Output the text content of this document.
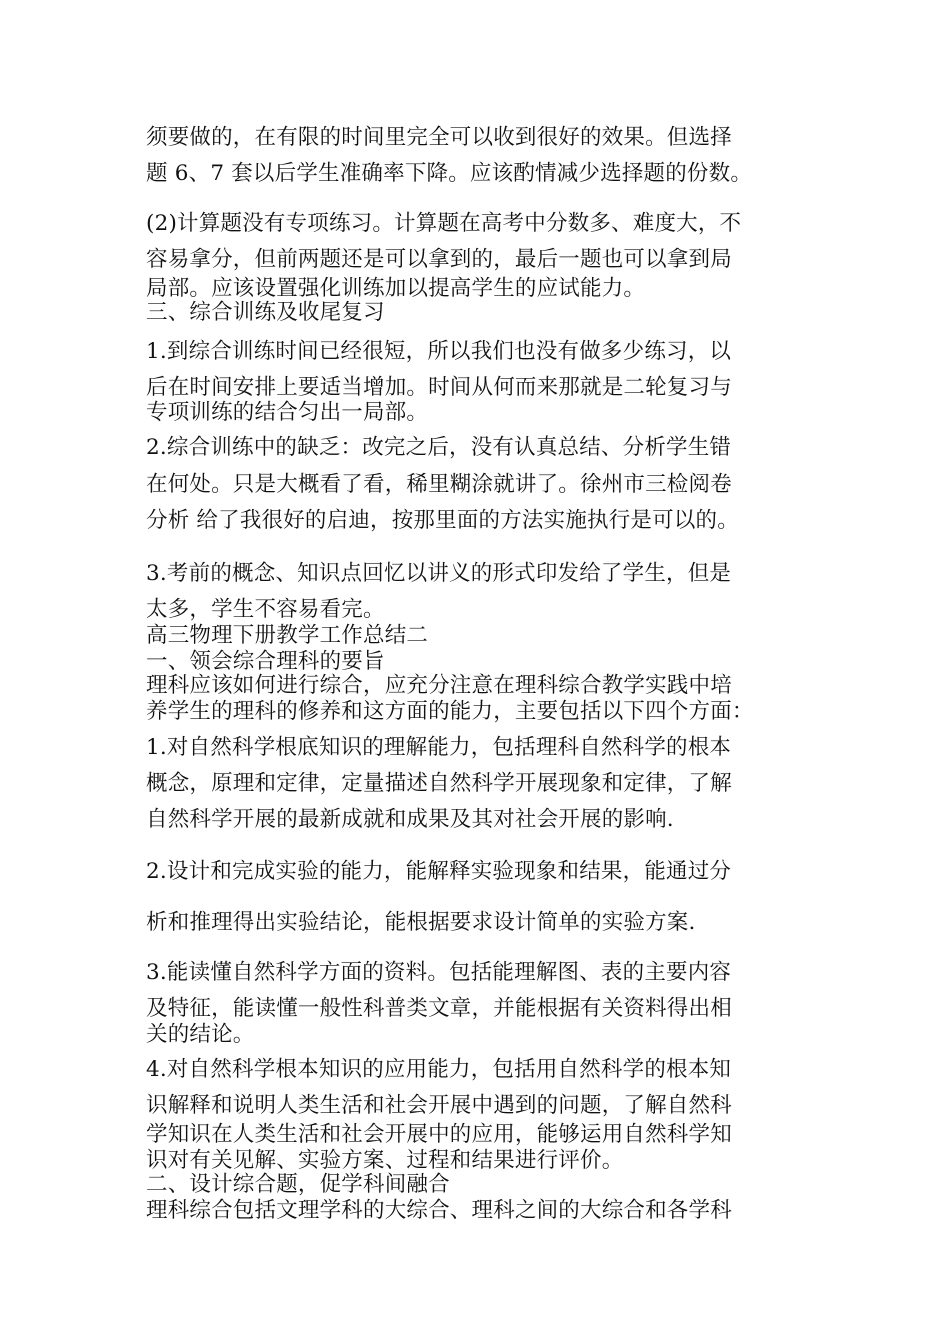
须要做的，在有限的时间里完全可以收到很好的效果。但选择
题 6、7 套以后学生准确率下降。应该酌情减少选择题的份数。
(2)计算题没有专项练习。计算题在高考中分数多、难度大，不
容易拿分，但前两题还是可以拿到的，最后一题也可以拿到局
局部。应该设置强化训练加以提高学生的应试能力。
三、综合训练及收尾复习
1.到综合训练时间已经很短，所以我们也没有做多少练习，以
后在时间安排上要适当增加。时间从何而来那就是二轮复习与
专项训练的结合匀出一局部。
2.综合训练中的缺乏：改完之后，没有认真总结、分析学生错
在何处。只是大概看了看，稀里糊涂就讲了。徐州市三检阅卷
分析 给了我很好的启迪，按那里面的方法实施执行是可以的。
3.考前的概念、知识点回忆以讲义的形式印发给了学生，但是
太多，学生不容易看完。
高三物理下册教学工作总结二
一、领会综合理科的要旨
理科应该如何进行综合，应充分注意在理科综合教学实践中培
养学生的理科的修养和这方面的能力，主要包括以下四个方面：
1.对自然科学根底知识的理解能力，包括理科自然科学的根本
概念，原理和定律，定量描述自然科学开展现象和定律，了解
自然科学开展的最新成就和成果及其对社会开展的影响.
2.设计和完成实验的能力，能解释实验现象和结果，能通过分
析和推理得出实验结论，能根据要求设计简单的实验方案.
3.能读懂自然科学方面的资料。包括能理解图、表的主要内容
及特征，能读懂一般性科普类文章，并能根据有关资料得出相
关的结论。
4.对自然科学根本知识的应用能力，包括用自然科学的根本知
识解释和说明人类生活和社会开展中遇到的问题，了解自然科
学知识在人类生活和社会开展中的应用，能够运用自然科学知
识对有关见解、实验方案、过程和结果进行评价。
二、设计综合题，促学科间融合
理科综合包括文理学科的大综合、理科之间的大综合和各学科
